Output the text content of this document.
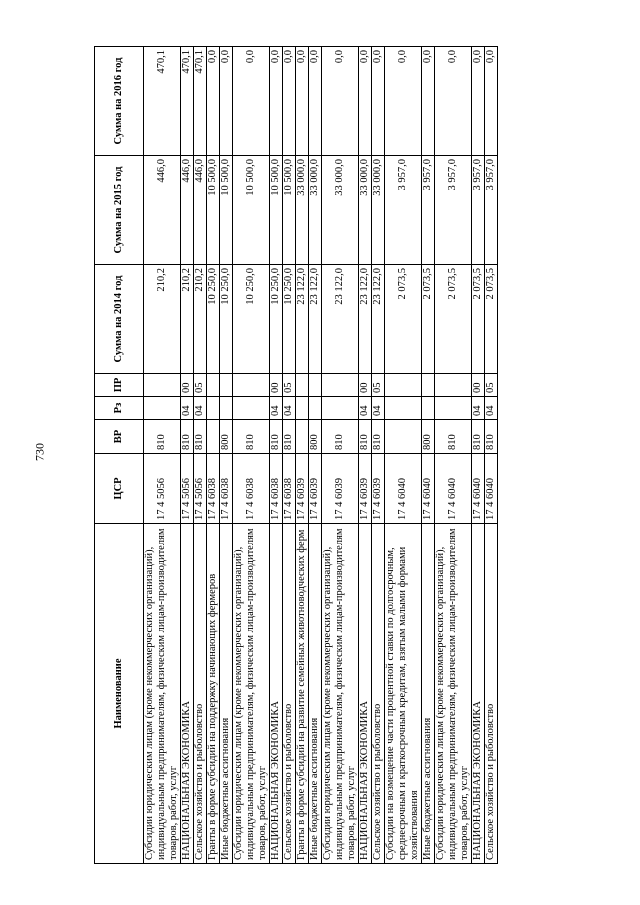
730
Наименование	ЦСР	ВР	Рз	ПР	Сумма на 2014 год	Сумма на 2015 год	Сумма на 2016 год
Субсидии юридическим лицам (кроме некоммерческих организаций), индивидуальным предпринимателям, физическим лицам-производителям товаров, работ, услуг	17 4 5056	810			210,2	446,0	470,1
НАЦИОНАЛЬНАЯ ЭКОНОМИКА	17 4 5056	810	04	00	210,2	446,0	470,1
Сельское хозяйство и рыболовство	17 4 5056	810	04	05	210,2	446,0	470,1
Гранты в форме субсидий на поддержку начинающих фермеров	17 4 6038				10 250,0	10 500,0	0,0
Иные бюджетные ассигнования	17 4 6038	800			10 250,0	10 500,0	0,0
Субсидии юридическим лицам (кроме некоммерческих организаций), индивидуальным предпринимателям, физическим лицам-производителям товаров, работ, услуг	17 4 6038	810			10 250,0	10 500,0	0,0
НАЦИОНАЛЬНАЯ ЭКОНОМИКА	17 4 6038	810	04	00	10 250,0	10 500,0	0,0
Сельское хозяйство и рыболовство	17 4 6038	810	04	05	10 250,0	10 500,0	0,0
Гранты в форме субсидий на развитие семейных животноводческих ферм	17 4 6039				23 122,0	33 000,0	0,0
Иные бюджетные ассигнования	17 4 6039	800			23 122,0	33 000,0	0,0
Субсидии юридическим лицам (кроме некоммерческих организаций), индивидуальным предпринимателям, физическим лицам-производителям товаров, работ, услуг	17 4 6039	810			23 122,0	33 000,0	0,0
НАЦИОНАЛЬНАЯ ЭКОНОМИКА	17 4 6039	810	04	00	23 122,0	33 000,0	0,0
Сельское хозяйство и рыболовство	17 4 6039	810	04	05	23 122,0	33 000,0	0,0
Субсидии на возмещение части процентной ставки по долгосрочным, среднесрочным и краткосрочным кредитам, взятым малыми формами хозяйствования	17 4 6040				2 073,5	3 957,0	0,0
Иные бюджетные ассигнования	17 4 6040	800			2 073,5	3 957,0	0,0
Субсидии юридическим лицам (кроме некоммерческих организаций), индивидуальным предпринимателям, физическим лицам-производителям товаров, работ, услуг	17 4 6040	810			2 073,5	3 957,0	0,0
НАЦИОНАЛЬНАЯ ЭКОНОМИКА	17 4 6040	810	04	00	2 073,5	3 957,0	0,0
Сельское хозяйство и рыболовство	17 4 6040	810	04	05	2 073,5	3 957,0	0,0
